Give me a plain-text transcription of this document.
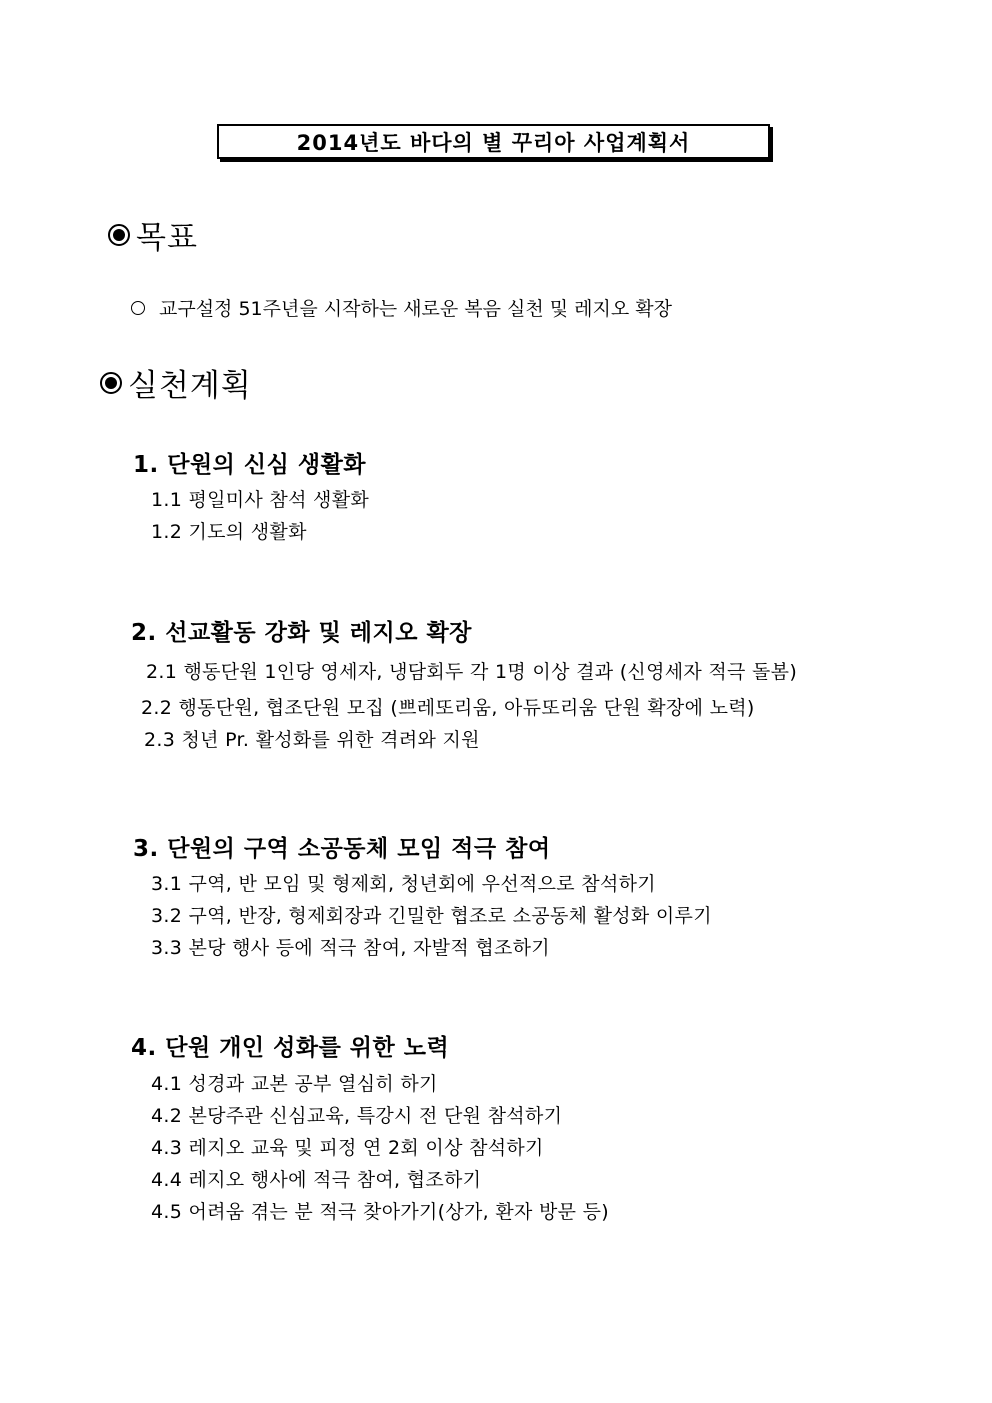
2014년도 바다의 별 꾸리아 사업계획서
목표
교구설정 51주년을 시작하는 새로운 복음 실천 및 레지오 확장
실천계획
1. 단원의 신심 생활화
1.1 평일미사 참석 생활화
1.2 기도의 생활화
2. 선교활동 강화 및 레지오 확장
2.1 행동단원 1인당 영세자, 냉담회두 각 1명 이상 결과 (신영세자 적극 돌봄)
2.2 행동단원, 협조단원 모집 (쁘레또리움, 아듀또리움 단원 확장에 노력)
2.3 청년 Pr. 활성화를 위한 격려와 지원
3. 단원의 구역 소공동체 모임 적극 참여
3.1 구역, 반 모임 및 형제회, 청년회에 우선적으로 참석하기
3.2 구역, 반장, 형제회장과 긴밀한 협조로 소공동체 활성화 이루기
3.3 본당 행사 등에 적극 참여, 자발적 협조하기
4. 단원 개인 성화를 위한 노력
4.1 성경과 교본 공부 열심히 하기
4.2 본당주관 신심교육, 특강시 전 단원 참석하기
4.3 레지오 교육 및 피정 연 2회 이상 참석하기
4.4 레지오 행사에 적극 참여, 협조하기
4.5 어려움 겪는 분 적극 찾아가기(상가, 환자 방문 등)
